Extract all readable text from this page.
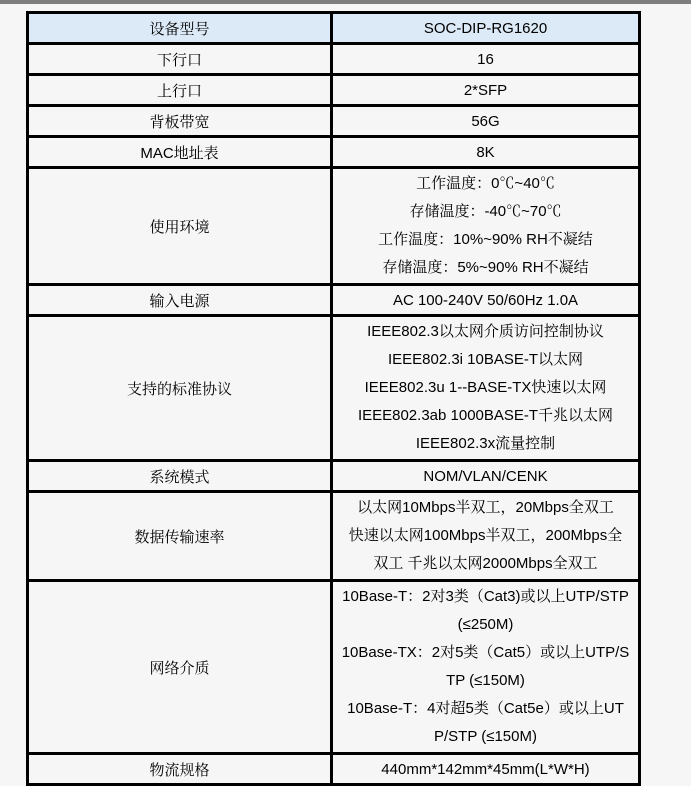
设备型号	SOC-DIP-RG1620

下行口	16

上行口	2*SFP

背板带宽	56G

MAC地址表	8K

使用环境	工作温度：0℃~40℃
存储温度：-40℃~70℃
工作温度：10%~90% RH不凝结
存储温度：5%~90% RH不凝结

输入电源	AC 100-240V 50/60Hz 1.0A

支持的标准协议	IEEE802.3以太网介质访问控制协议
IEEE802.3i 10BASE-T以太网
IEEE802.3u 1--BASE-TX快速以太网
IEEE802.3ab 1000BASE-T千兆以太网
IEEE802.3x流量控制

系统模式	NOM/VLAN/CENK

数据传输速率	以太网10Mbps半双工，20Mbps全双工
快速以太网100Mbps半双工，200Mbps全
双工 千兆以太网2000Mbps全双工

网络介质	
10Base-T：2对3类（Cat3)或以上UTP/STP
(≤250M)
10Base-TX：2对5类（Cat5）或以上UTP/S
TP (≤150M)
10Base-T：4对超5类（Cat5e）或以上UT
P/STP (≤150M)

物流规格	440mm*142mm*45mm(L*W*H)
